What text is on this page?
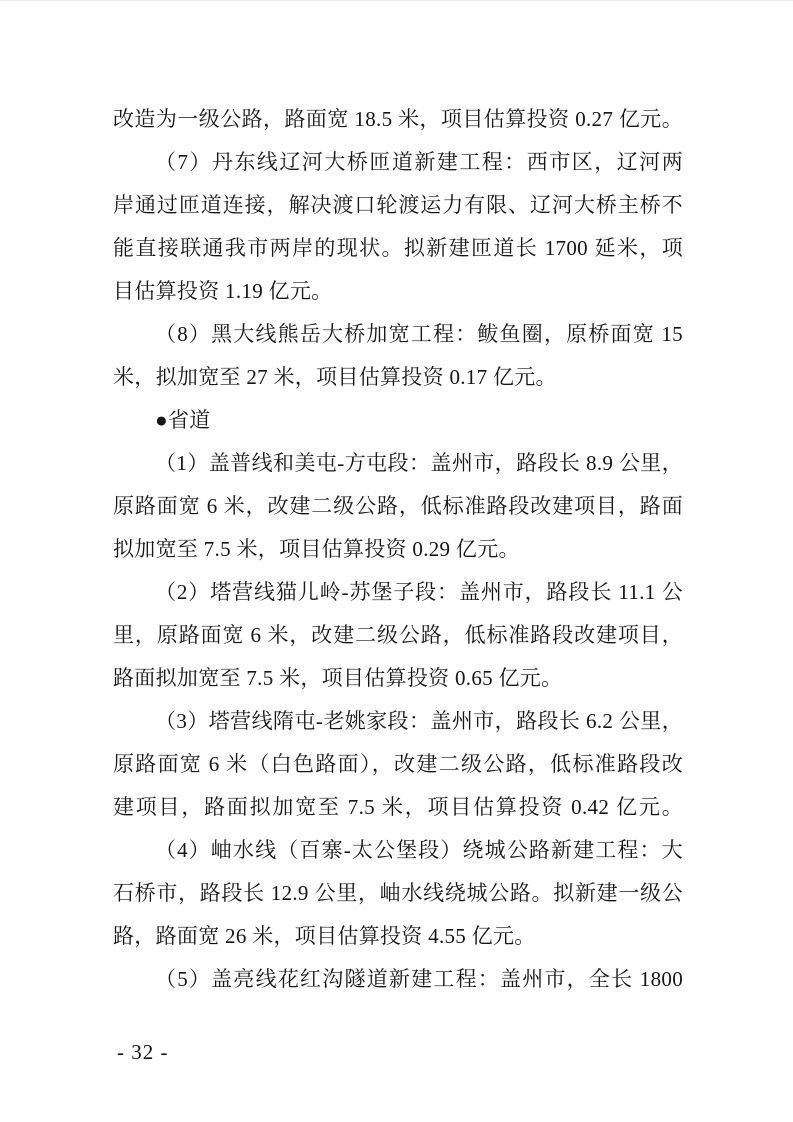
改造为一级公路，路面宽 18.5 米，项目估算投资 0.27 亿元。
（7）丹东线辽河大桥匝道新建工程：西市区，辽河两
岸通过匝道连接，解决渡口轮渡运力有限、辽河大桥主桥不
能直接联通我市两岸的现状。拟新建匝道长 1700 延米，项
目估算投资 1.19 亿元。
（8）黑大线熊岳大桥加宽工程：鲅鱼圈，原桥面宽 15
米，拟加宽至 27 米，项目估算投资 0.17 亿元。
●省道
（1）盖普线和美屯-方屯段：盖州市，路段长 8.9 公里，
原路面宽 6 米，改建二级公路，低标准路段改建项目，路面
拟加宽至 7.5 米，项目估算投资 0.29 亿元。
（2）塔营线猫儿岭-苏堡子段：盖州市，路段长 11.1 公
里，原路面宽 6 米，改建二级公路，低标准路段改建项目，
路面拟加宽至 7.5 米，项目估算投资 0.65 亿元。
（3）塔营线隋屯-老姚家段：盖州市，路段长 6.2 公里，
原路面宽 6 米（白色路面），改建二级公路，低标准路段改
建项目，路面拟加宽至 7.5 米，项目估算投资 0.42 亿元。
（4）岫水线（百寨-太公堡段）绕城公路新建工程：大
石桥市，路段长 12.9 公里，岫水线绕城公路。拟新建一级公
路，路面宽 26 米，项目估算投资 4.55 亿元。
（5）盖亮线花红沟隧道新建工程：盖州市，全长 1800
- 32 -
